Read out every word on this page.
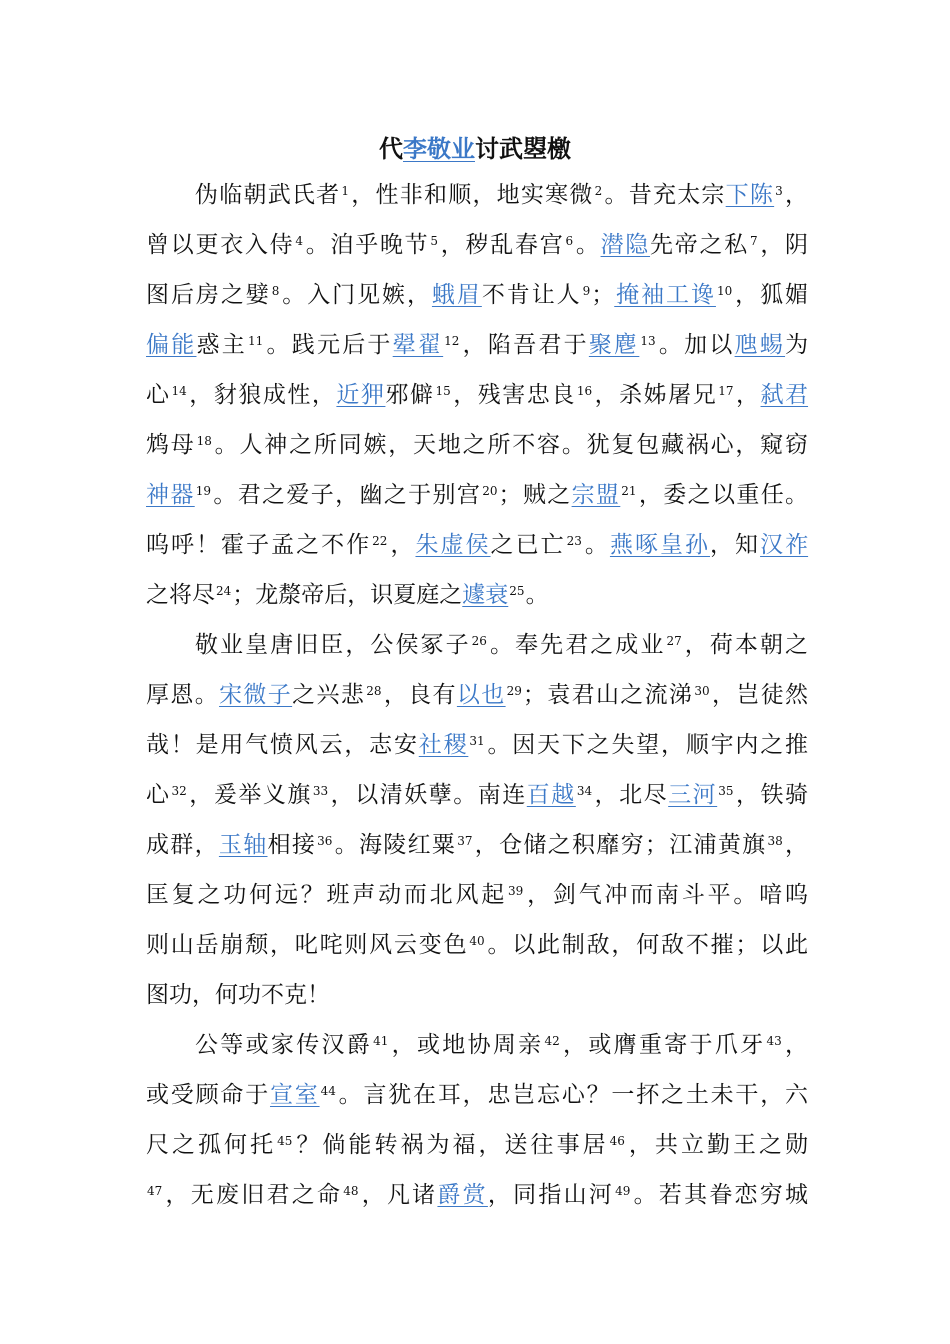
代李敬业讨武曌檄
伪临朝武氏者$^1$，性非和顺，地实寒微$^2$。昔充太宗下陈$^3$，
曾以更衣入侍$^4$。洎乎晚节$^5$，秽乱春宫$^6$。潜隐先帝之私$^7$，阴
图后房之嬖$^8$。入门见嫉，蛾眉不肯让人$^9$；掩袖工谗$^{10}$，狐媚
偏能惑主$^{11}$。践元后于翚翟$^{12}$，陷吾君于聚麀$^{13}$。加以虺蜴为
心$^{14}$，豺狼成性，近狎邪僻$^{15}$，残害忠良$^{16}$，杀姊屠兄$^{17}$，弑君
鸩母$^{18}$。人神之所同嫉，天地之所不容。犹复包藏祸心，窥窃
神器$^{19}$。君之爱子，幽之于别宫$^{20}$；贼之宗盟$^{21}$，委之以重任。
呜呼！霍子孟之不作$^{22}$，朱虚侯之已亡$^{23}$。燕啄皇孙，知汉祚
之将尽$^{24}$；龙漦帝后，识夏庭之遽衰$^{25}$。
敬业皇唐旧臣，公侯冢子$^{26}$。奉先君之成业$^{27}$，荷本朝之
厚恩。宋微子之兴悲$^{28}$，良有以也$^{29}$；袁君山之流涕$^{30}$，岂徒然
哉！是用气愤风云，志安社稷$^{31}$。因天下之失望，顺宇内之推
心$^{32}$，爰举义旗$^{33}$，以清妖孽。南连百越$^{34}$，北尽三河$^{35}$，铁骑
成群，玉轴相接$^{36}$。海陵红粟$^{37}$，仓储之积靡穷；江浦黄旗$^{38}$，
匡复之功何远？班声动而北风起$^{39}$，剑气冲而南斗平。喑呜
则山岳崩颓，叱咤则风云变色$^{40}$。以此制敌，何敌不摧；以此
图功，何功不克！
公等或家传汉爵$^{41}$，或地协周亲$^{42}$，或膺重寄于爪牙$^{43}$，
或受顾命于宣室$^{44}$。言犹在耳，忠岂忘心？一抔之土未干，六
尺之孤何托$^{45}$？倘能转祸为福，送往事居$^{46}$，共立勤王之勋
$^{47}$，无废旧君之命$^{48}$，凡诸爵赏，同指山河$^{49}$。若其眷恋穷城
